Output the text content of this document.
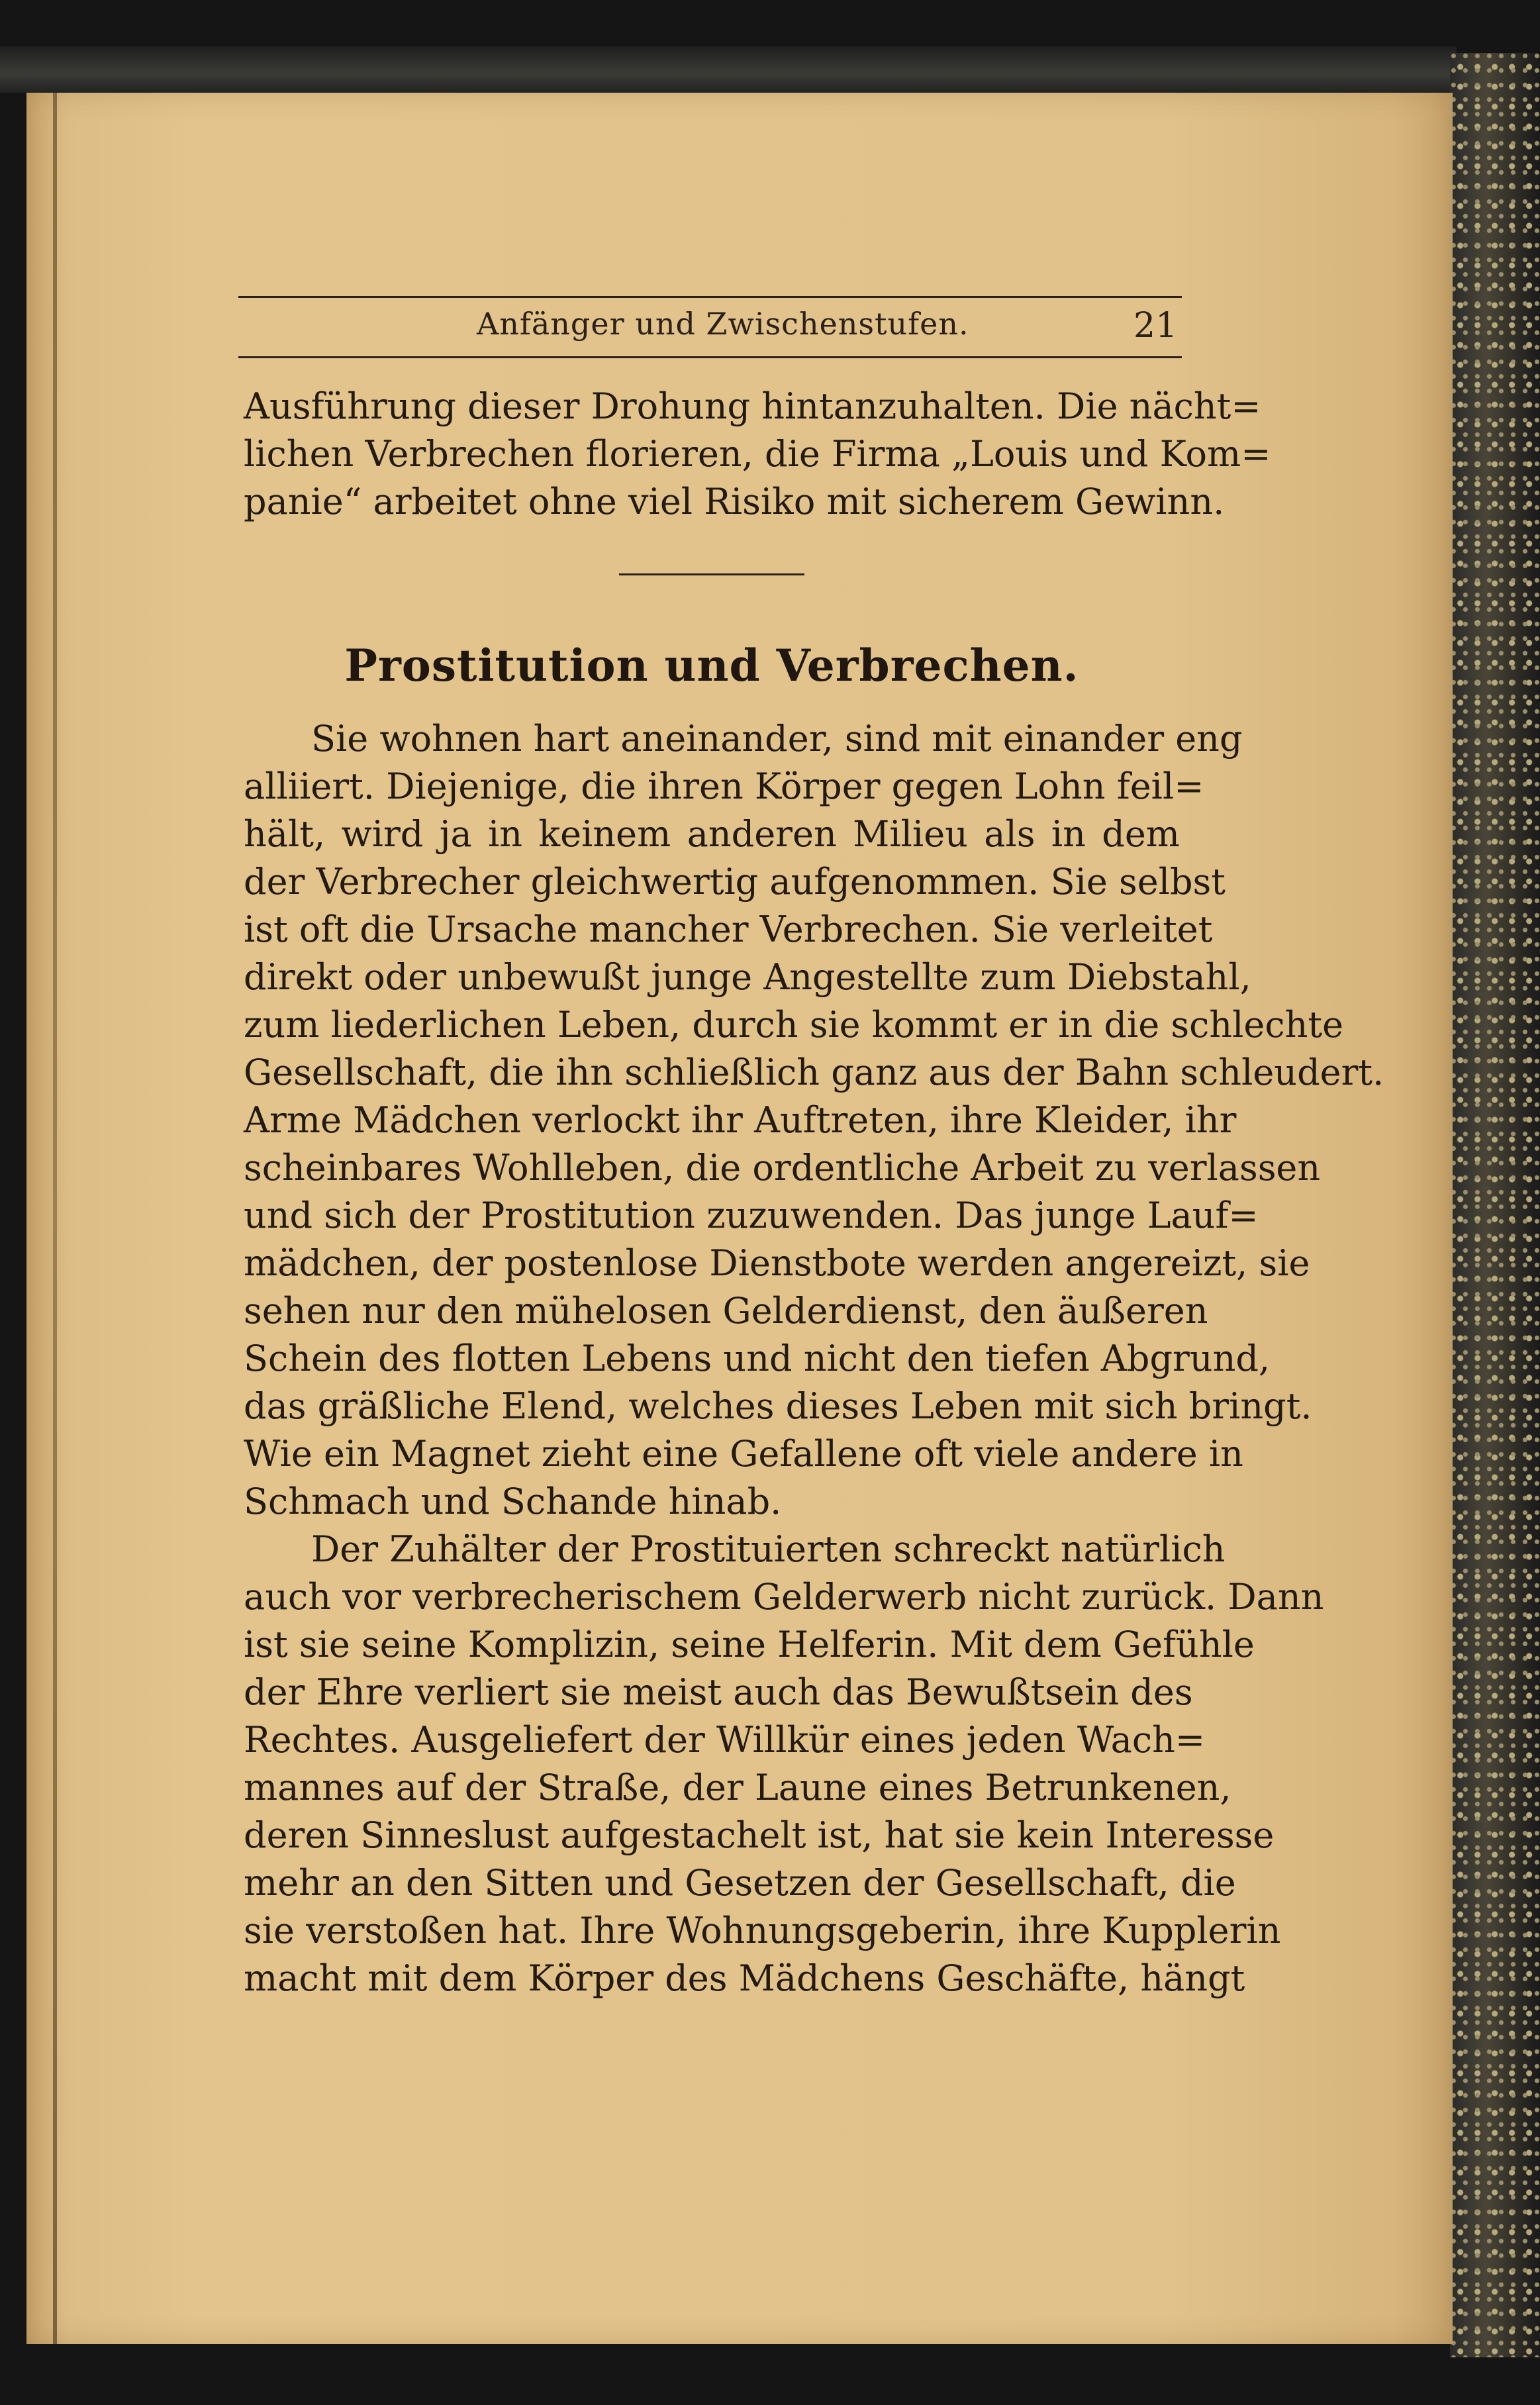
Anfänger und Zwischenstufen.	21
Ausführung dieser Drohung hintanzuhalten. Die nächt=
lichen Verbrechen florieren, die Firma „Louis und Kom=
panie“ arbeitet ohne viel Risiko mit sicherem Gewinn.
Prostitution und Verbrechen.
Sie wohnen hart aneinander, sind mit einander eng
alliiert. Diejenige, die ihren Körper gegen Lohn feil=
hält, wird ja in keinem anderen Milieu als in dem
der Verbrecher gleichwertig aufgenommen. Sie selbst
ist oft die Ursache mancher Verbrechen. Sie verleitet
direkt oder unbewußt junge Angestellte zum Diebstahl,
zum liederlichen Leben, durch sie kommt er in die schlechte
Gesellschaft, die ihn schließlich ganz aus der Bahn schleudert.
Arme Mädchen verlockt ihr Auftreten, ihre Kleider, ihr
scheinbares Wohlleben, die ordentliche Arbeit zu verlassen
und sich der Prostitution zuzuwenden. Das junge Lauf=
mädchen, der postenlose Dienstbote werden angereizt, sie
sehen nur den mühelosen Gelderdienst, den äußeren
Schein des flotten Lebens und nicht den tiefen Abgrund,
das gräßliche Elend, welches dieses Leben mit sich bringt.
Wie ein Magnet zieht eine Gefallene oft viele andere in
Schmach und Schande hinab.
Der Zuhälter der Prostituierten schreckt natürlich
auch vor verbrecherischem Gelderwerb nicht zurück. Dann
ist sie seine Komplizin, seine Helferin. Mit dem Gefühle
der Ehre verliert sie meist auch das Bewußtsein des
Rechtes. Ausgeliefert der Willkür eines jeden Wach=
mannes auf der Straße, der Laune eines Betrunkenen,
deren Sinneslust aufgestachelt ist, hat sie kein Interesse
mehr an den Sitten und Gesetzen der Gesellschaft, die
sie verstoßen hat. Ihre Wohnungsgeberin, ihre Kupplerin
macht mit dem Körper des Mädchens Geschäfte, hängt
